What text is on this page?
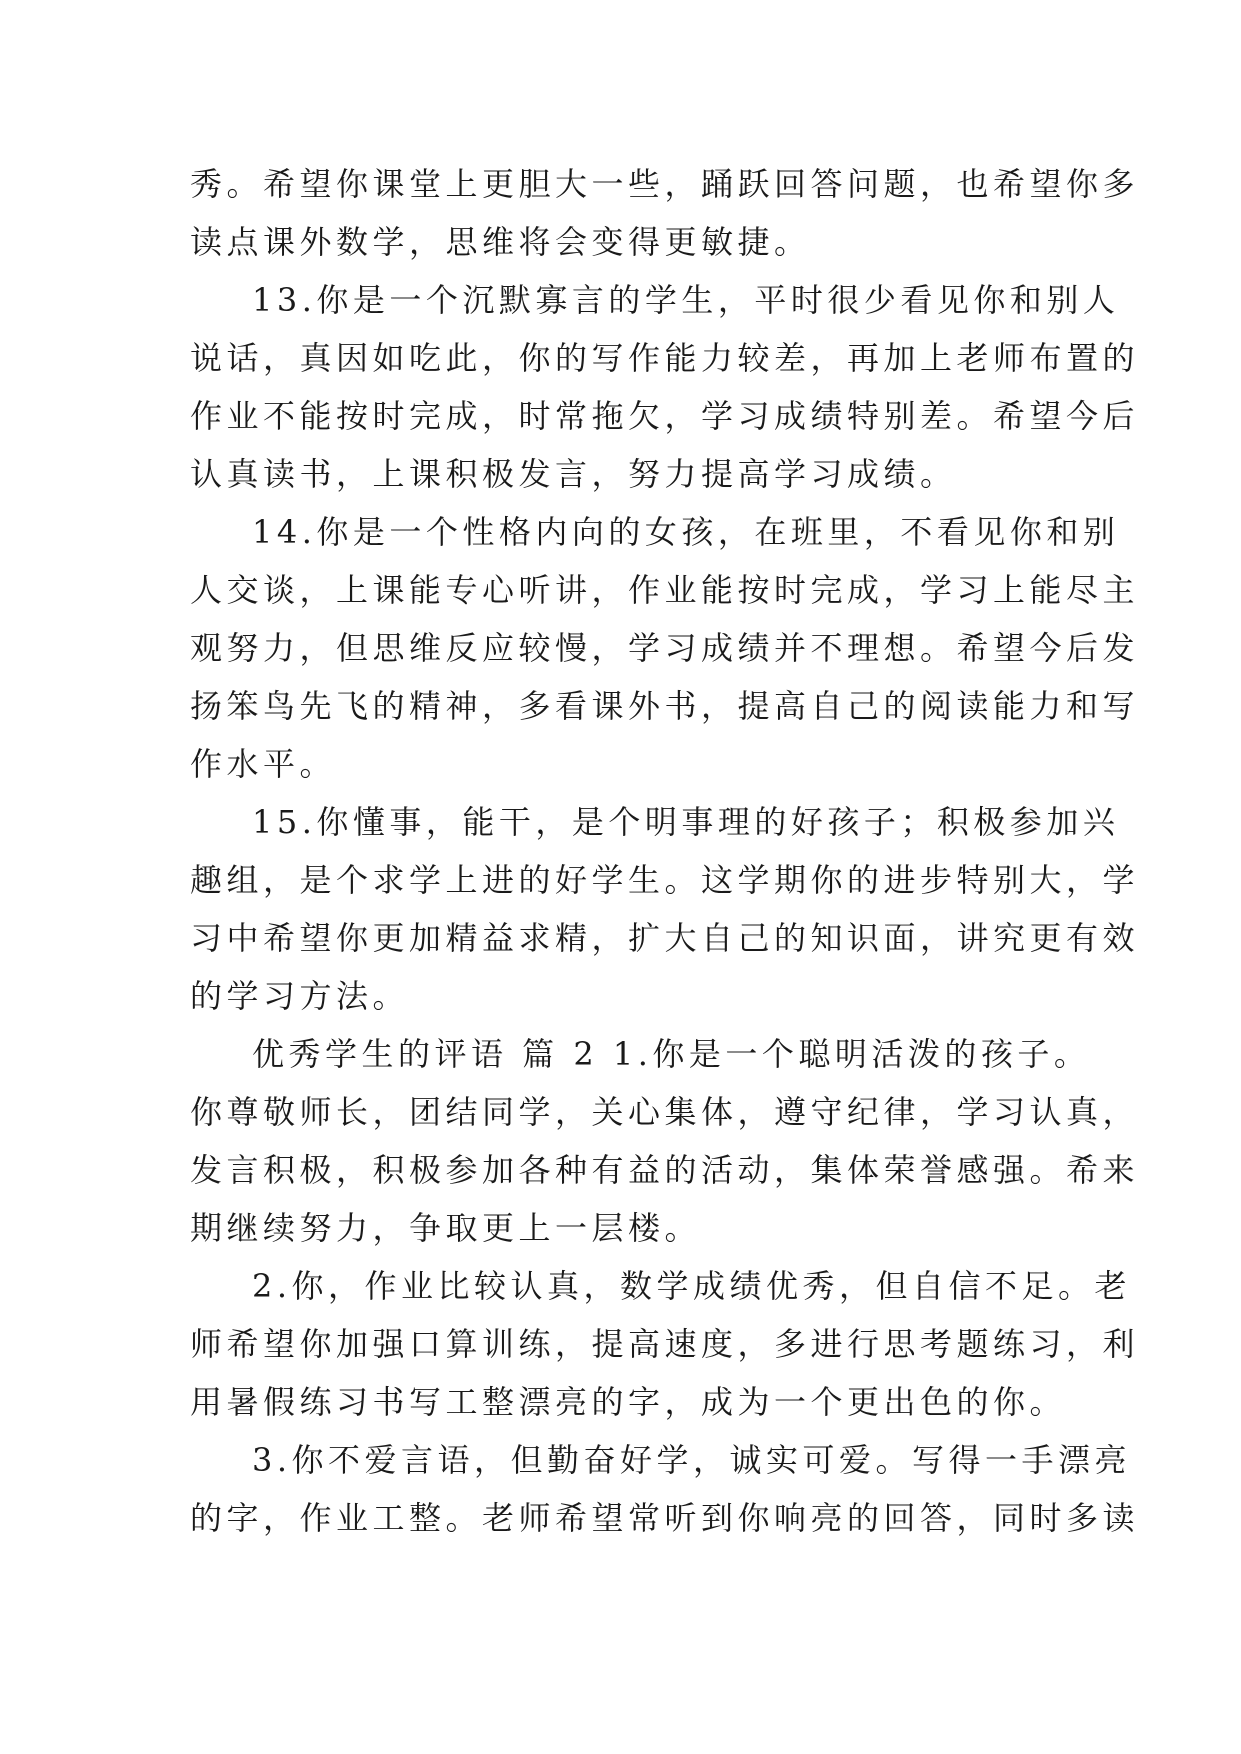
秀。希望你课堂上更胆大一些，踊跃回答问题，也希望你多
读点课外数学，思维将会变得更敏捷。
13.你是一个沉默寡言的学生，平时很少看见你和别人
说话，真因如吃此，你的写作能力较差，再加上老师布置的
作业不能按时完成，时常拖欠，学习成绩特别差。希望今后
认真读书，上课积极发言，努力提高学习成绩。
14.你是一个性格内向的女孩，在班里，不看见你和别
人交谈，上课能专心听讲，作业能按时完成，学习上能尽主
观努力，但思维反应较慢，学习成绩并不理想。希望今后发
扬笨鸟先飞的精神，多看课外书，提高自己的阅读能力和写
作水平。
15.你懂事，能干，是个明事理的好孩子；积极参加兴
趣组，是个求学上进的好学生。这学期你的进步特别大，学
习中希望你更加精益求精，扩大自己的知识面，讲究更有效
的学习方法。
优秀学生的评语 篇 2 1.你是一个聪明活泼的孩子。
你尊敬师长，团结同学，关心集体，遵守纪律，学习认真，
发言积极，积极参加各种有益的活动，集体荣誉感强。希来
期继续努力，争取更上一层楼。
2.你，作业比较认真，数学成绩优秀，但自信不足。老
师希望你加强口算训练，提高速度，多进行思考题练习，利
用暑假练习书写工整漂亮的字，成为一个更出色的你。
3.你不爱言语，但勤奋好学，诚实可爱。写得一手漂亮
的字，作业工整。老师希望常听到你响亮的回答，同时多读
